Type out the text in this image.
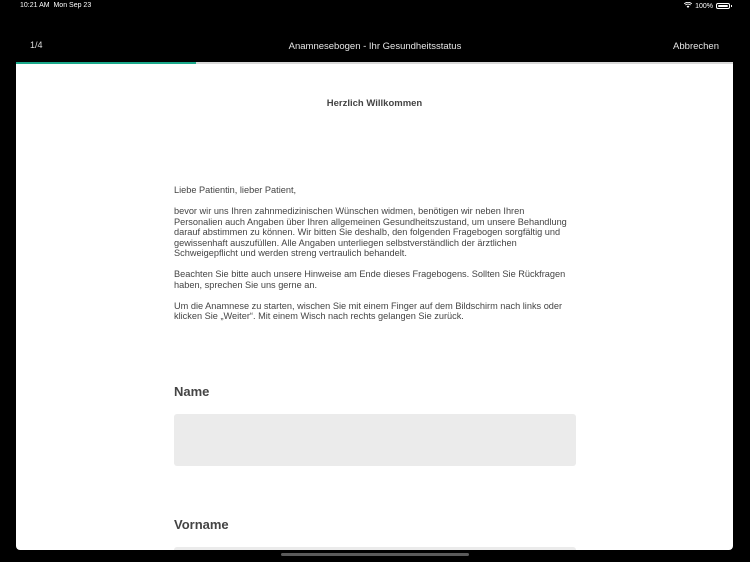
10:21 AM Mon Sep 23	100%
1/4	Anamnesebogen - Ihr Gesundheitsstatus	Abbrechen
Herzlich Willkommen

Liebe Patientin, lieber Patient,

bevor wir uns Ihren zahnmedizinischen Wünschen widmen, benötigen wir neben Ihren Personalien auch Angaben über Ihren allgemeinen Gesundheitszustand, um unsere Behandlung darauf abstimmen zu können. Wir bitten Sie deshalb, den folgenden Fragebogen sorgfältig und gewissenhaft auszufüllen. Alle Angaben unterliegen selbstverständlich der ärztlichen Schweigepflicht und werden streng vertraulich behandelt.

Beachten Sie bitte auch unsere Hinweise am Ende dieses Fragebogens. Sollten Sie Rückfragen haben, sprechen Sie uns gerne an.

Um die Anamnese zu starten, wischen Sie mit einem Finger auf dem Bildschirm nach links oder klicken Sie „Weiter“. Mit einem Wisch nach rechts gelangen Sie zurück.

Name
Vorname
